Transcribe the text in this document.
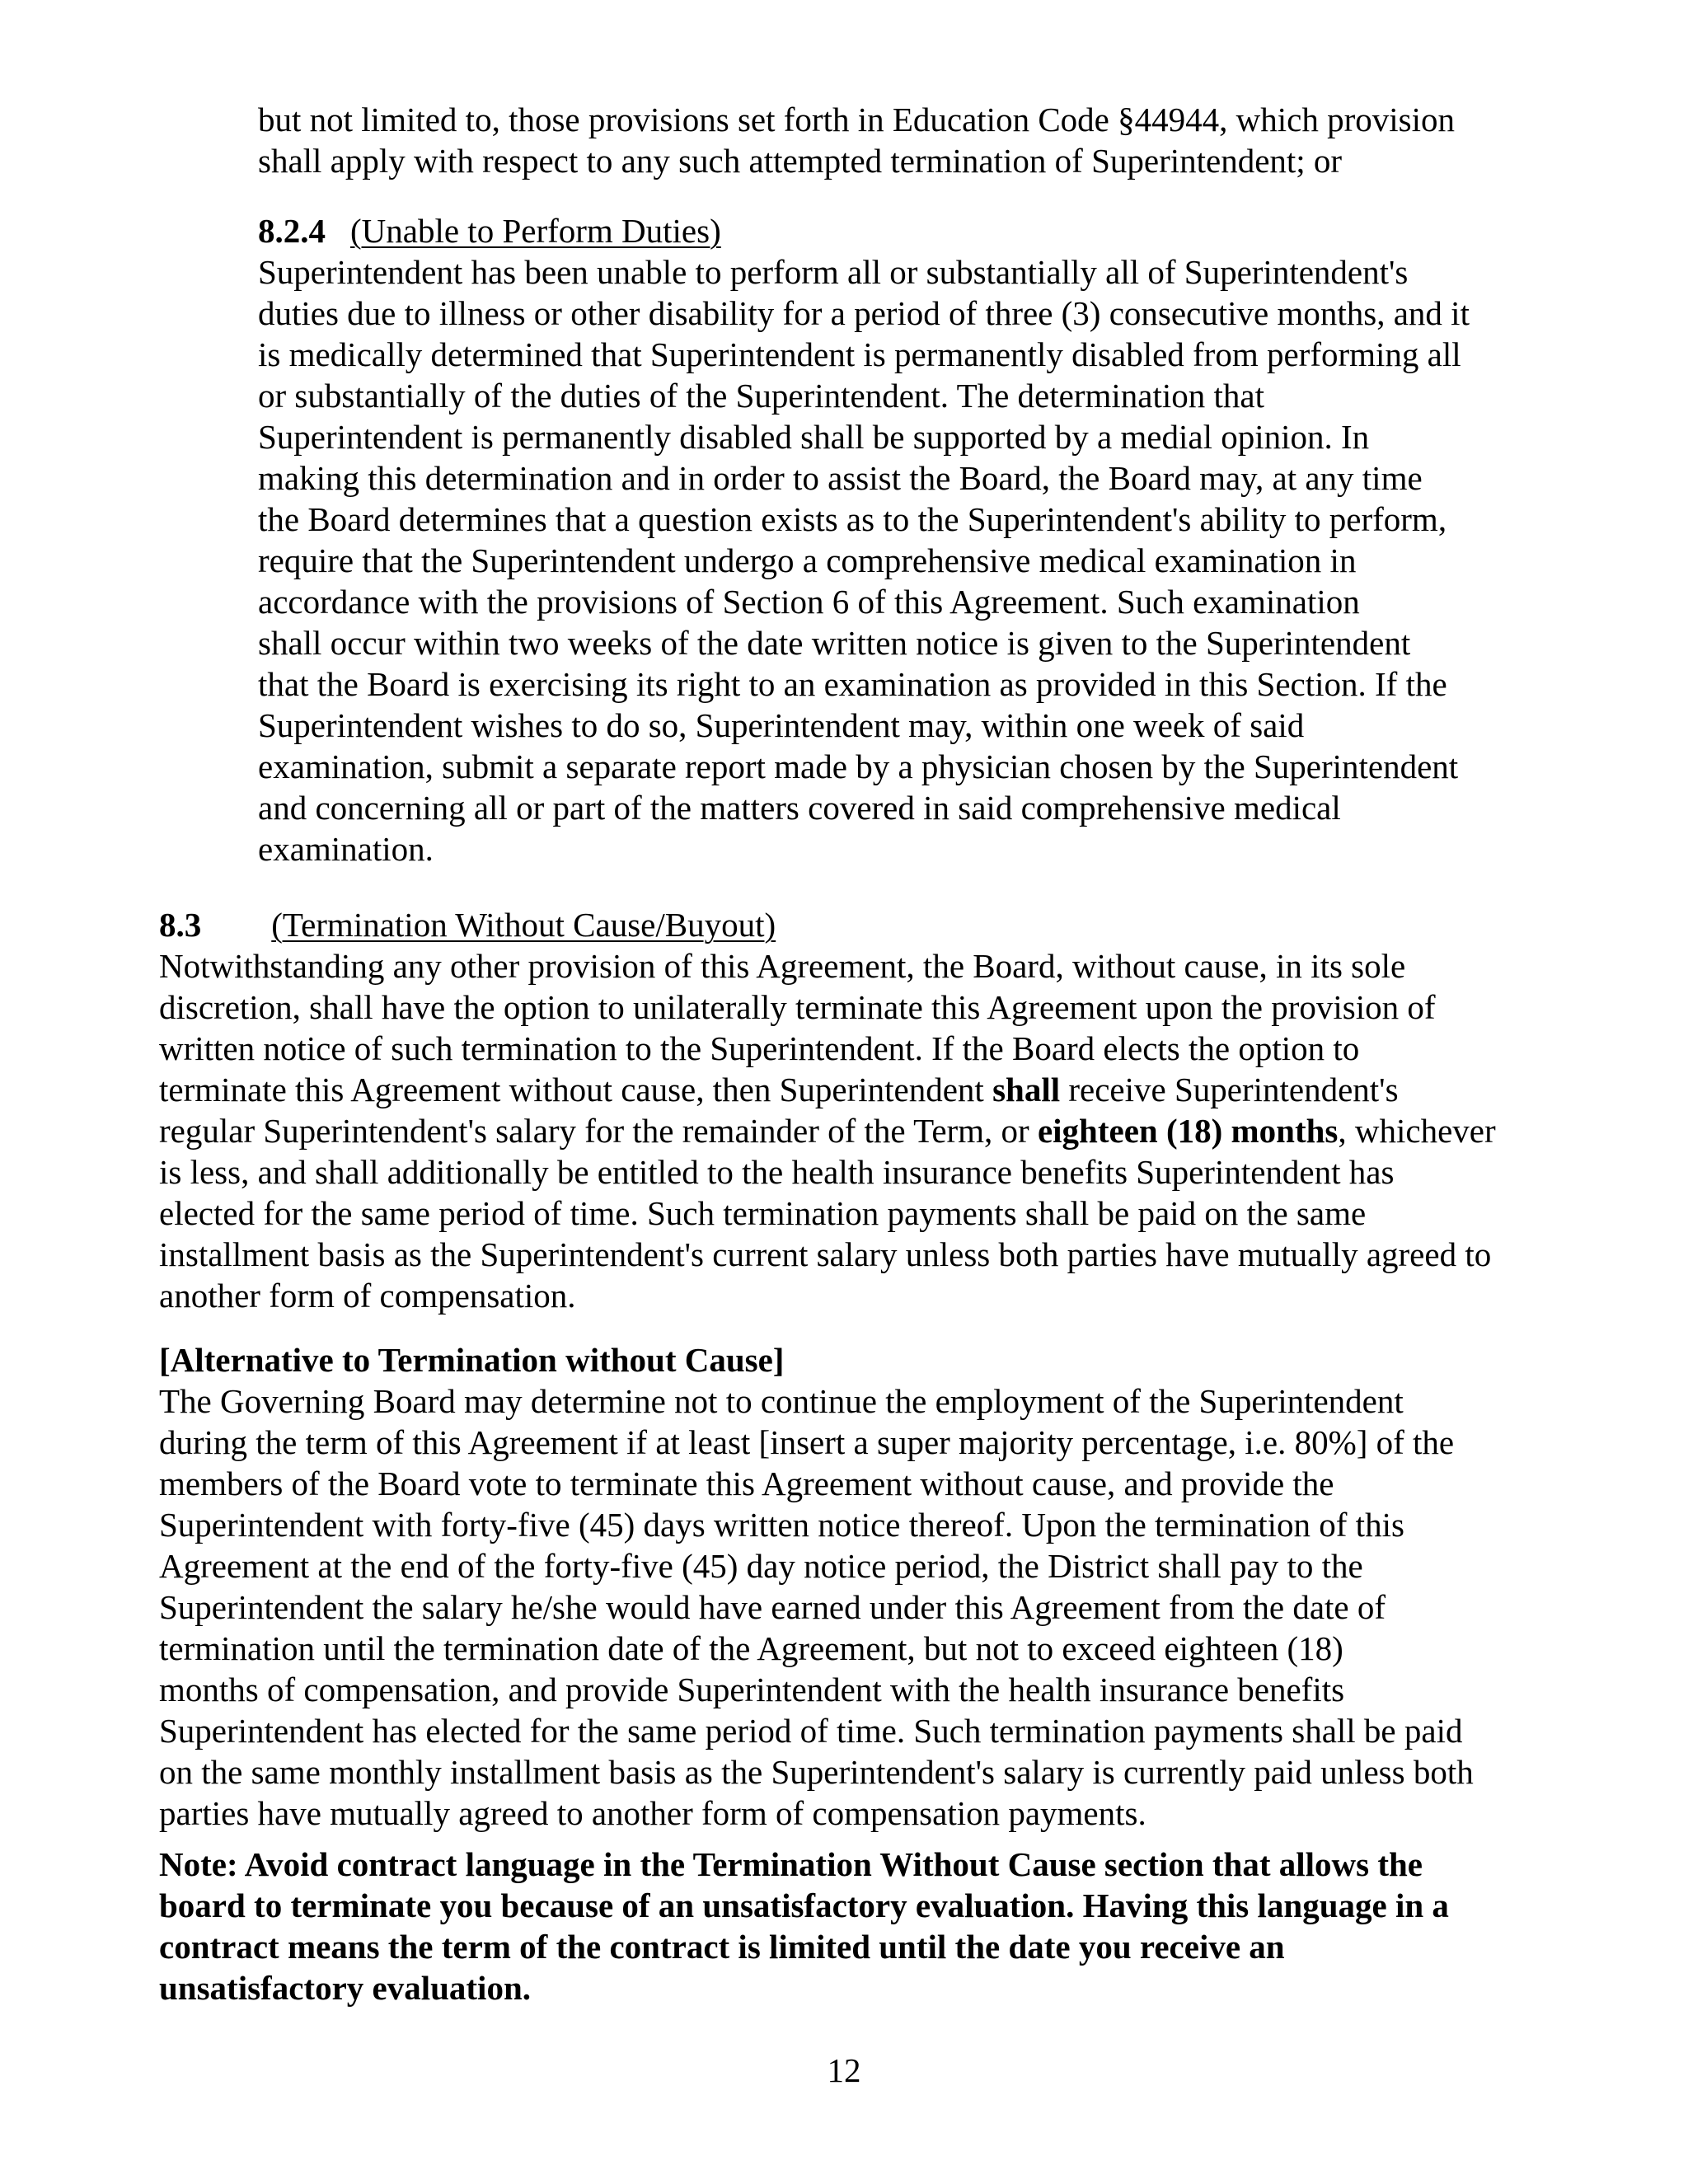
but not limited to, those provisions set forth in Education Code §44944, which provision
shall apply with respect to any such attempted termination of Superintendent; or
8.2.4 (Unable to Perform Duties)
Superintendent has been unable to perform all or substantially all of Superintendent's
duties due to illness or other disability for a period of three (3) consecutive months, and it
is medically determined that Superintendent is permanently disabled from performing all
or substantially of the duties of the Superintendent. The determination that
Superintendent is permanently disabled shall be supported by a medial opinion. In
making this determination and in order to assist the Board, the Board may, at any time
the Board determines that a question exists as to the Superintendent's ability to perform,
require that the Superintendent undergo a comprehensive medical examination in
accordance with the provisions of Section 6 of this Agreement. Such examination
shall occur within two weeks of the date written notice is given to the Superintendent
that the Board is exercising its right to an examination as provided in this Section. If the
Superintendent wishes to do so, Superintendent may, within one week of said
examination, submit a separate report made by a physician chosen by the Superintendent
and concerning all or part of the matters covered in said comprehensive medical
examination.
8.3 (Termination Without Cause/Buyout)
Notwithstanding any other provision of this Agreement, the Board, without cause, in its sole
discretion, shall have the option to unilaterally terminate this Agreement upon the provision of
written notice of such termination to the Superintendent. If the Board elects the option to
terminate this Agreement without cause, then Superintendent shall receive Superintendent's
regular Superintendent's salary for the remainder of the Term, or eighteen (18) months, whichever
is less, and shall additionally be entitled to the health insurance benefits Superintendent has
elected for the same period of time. Such termination payments shall be paid on the same
installment basis as the Superintendent's current salary unless both parties have mutually agreed to
another form of compensation.
[Alternative to Termination without Cause]
The Governing Board may determine not to continue the employment of the Superintendent
during the term of this Agreement if at least [insert a super majority percentage, i.e. 80%] of the
members of the Board vote to terminate this Agreement without cause, and provide the
Superintendent with forty-five (45) days written notice thereof. Upon the termination of this
Agreement at the end of the forty-five (45) day notice period, the District shall pay to the
Superintendent the salary he/she would have earned under this Agreement from the date of
termination until the termination date of the Agreement, but not to exceed eighteen (18)
months of compensation, and provide Superintendent with the health insurance benefits
Superintendent has elected for the same period of time. Such termination payments shall be paid
on the same monthly installment basis as the Superintendent's salary is currently paid unless both
parties have mutually agreed to another form of compensation payments.
Note: Avoid contract language in the Termination Without Cause section that allows the
board to terminate you because of an unsatisfactory evaluation. Having this language in a
contract means the term of the contract is limited until the date you receive an
unsatisfactory evaluation.
12
